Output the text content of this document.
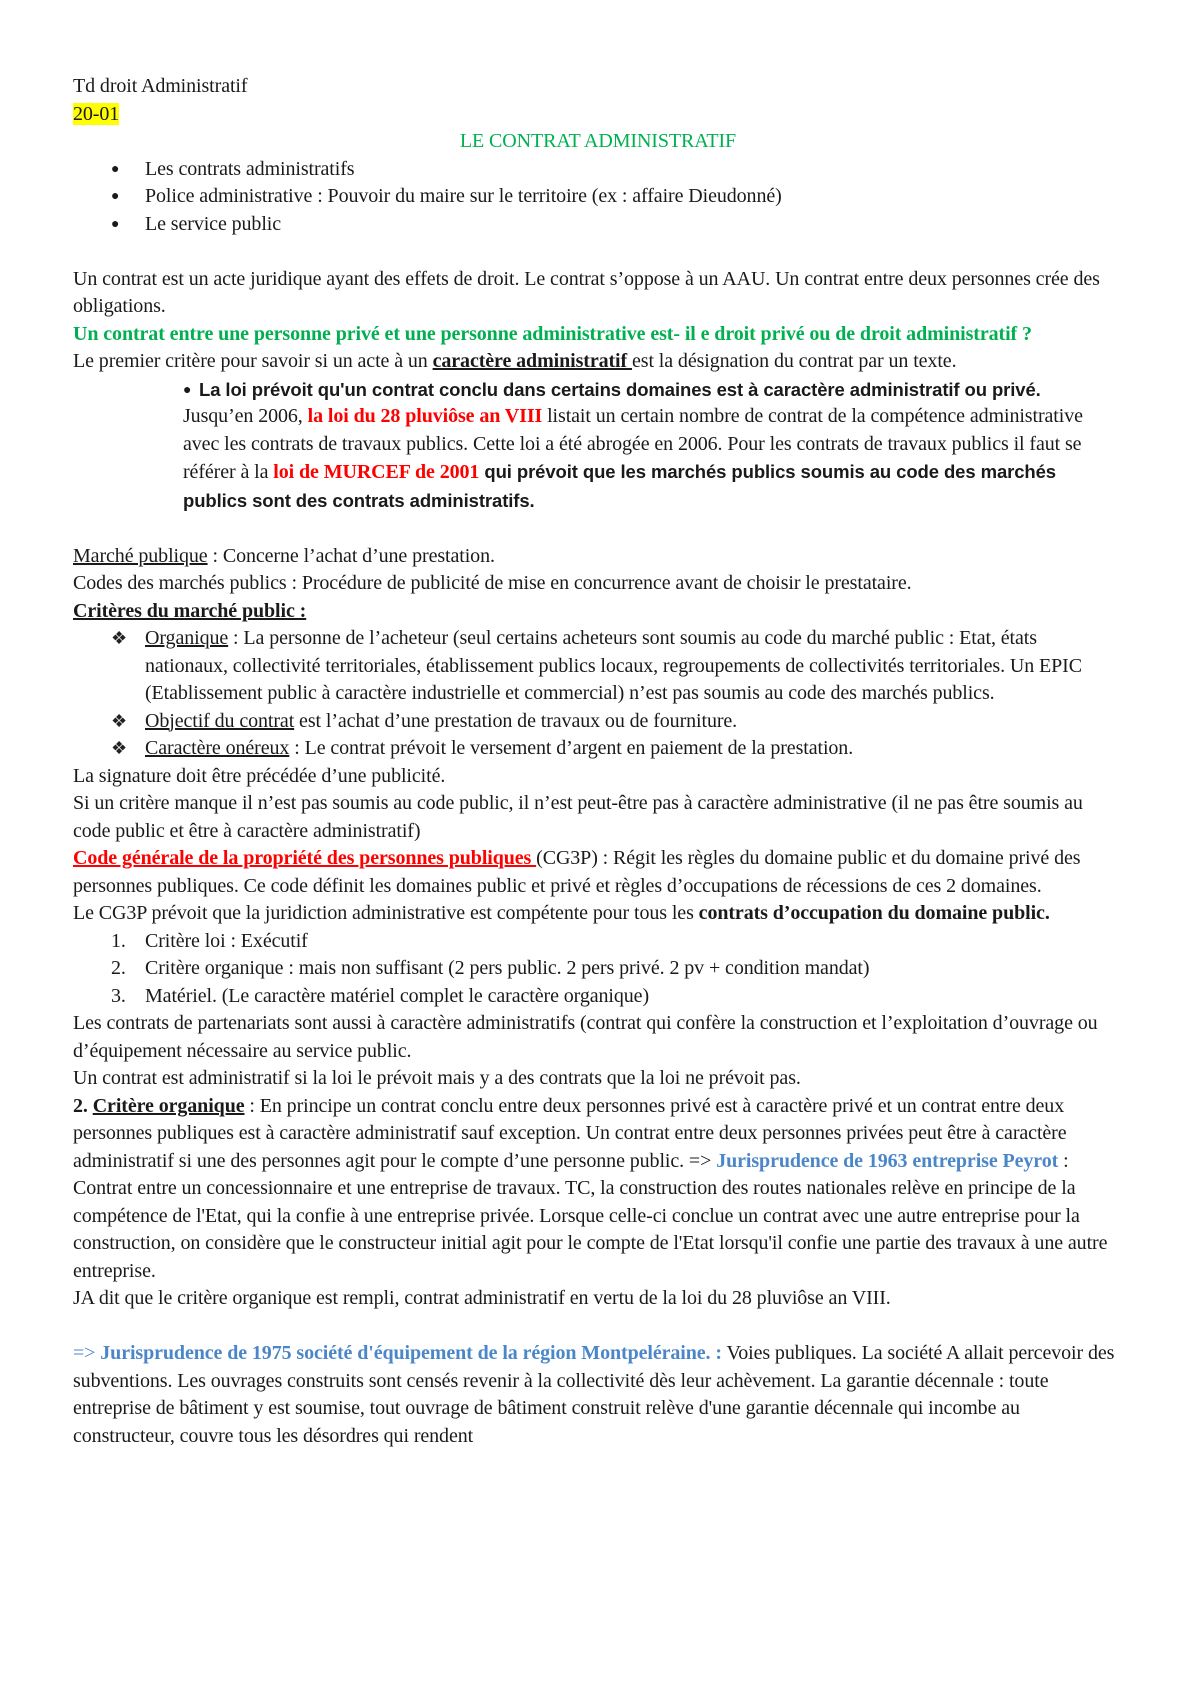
Td droit Administratif

20-01

LE CONTRAT ADMINISTRATIF

● Les contrats administratifs
● Police administrative : Pouvoir du maire sur le territoire (ex : affaire Dieudonné)
● Le service public

Un contrat est un acte juridique ayant des effets de droit. Le contrat s’oppose à un AAU. Un contrat entre deux personnes crée des obligations.

Un contrat entre une personne privé et une personne administrative est- il e droit privé ou de droit administratif ?

Le premier critère pour savoir si un acte à un caractère administratif est la désignation du contrat par un texte.

● La loi prévoit qu'un contrat conclu dans certains domaines est à caractère administratif ou privé.

Jusqu’en 2006, la loi du 28 pluviôse an VIII listait un certain nombre de contrat de la compétence administrative avec les contrats de travaux publics. Cette loi a été abrogée en 2006. Pour les contrats de travaux publics il faut se référer à la loi de MURCEF de 2001 qui prévoit que les marchés publics soumis au code des marchés publics sont des contrats administratifs.

Marché publique : Concerne l’achat d’une prestation.

Codes des marchés publics : Procédure de publicité de mise en concurrence avant de choisir le prestataire.

Critères du marché public :

❖ Organique : La personne de l’acheteur (seul certains acheteurs sont soumis au code du marché public : Etat, états nationaux, collectivité territoriales, établissement publics locaux, regroupements de collectivités territoriales. Un EPIC (Etablissement public à caractère industrielle et commercial) n’est pas soumis au code des marchés publics.
❖ Objectif du contrat est l’achat d’une prestation de travaux ou de fourniture.
❖ Caractère onéreux : Le contrat prévoit le versement d’argent en paiement de la prestation.

La signature doit être précédée d’une publicité.

Si un critère manque il n’est pas soumis au code public, il n’est peut-être pas à caractère administrative (il ne pas être soumis au code public et être à caractère administratif)

Code générale de la propriété des personnes publiques (CG3P) : Régit les règles du domaine public et du domaine privé des personnes publiques. Ce code définit les domaines public et privé et règles d’occupations de récessions de ces 2 domaines.

Le CG3P prévoit que la juridiction administrative est compétente pour tous les contrats d’occupation du domaine public.

1. Critère loi : Exécutif
2. Critère organique : mais non suffisant (2 pers public. 2 pers privé. 2 pv + condition mandat)
3. Matériel. (Le caractère matériel complet le caractère organique)

Les contrats de partenariats sont aussi à caractère administratifs (contrat qui confère la construction et l’exploitation d’ouvrage ou d’équipement nécessaire au service public.

Un contrat est administratif si la loi le prévoit mais y a des contrats que la loi ne prévoit pas.

2. Critère organique : En principe un contrat conclu entre deux personnes privé est à caractère privé et un contrat entre deux personnes publiques est à caractère administratif sauf exception. Un contrat entre deux personnes privées peut être à caractère administratif si une des personnes agit pour le compte d’une personne public. => Jurisprudence de 1963 entreprise Peyrot : Contrat entre un concessionnaire et une entreprise de travaux. TC, la construction des routes nationales relève en principe de la compétence de l'Etat, qui la confie à une entreprise privée. Lorsque celle-ci conclue un contrat avec une autre entreprise pour la construction, on considère que le constructeur initial agit pour le compte de l'Etat lorsqu'il confie une partie des travaux à une autre entreprise.

JA dit que le critère organique est rempli, contrat administratif en vertu de la loi du 28 pluviôse an VIII.

=> Jurisprudence de 1975 société d'équipement de la région Montpeléraine. : Voies publiques. La société A allait percevoir des subventions. Les ouvrages construits sont censés revenir à la collectivité dès leur achèvement. La garantie décennale : toute entreprise de bâtiment y est soumise, tout ouvrage de bâtiment construit relève d'une garantie décennale qui incombe au constructeur, couvre tous les désordres qui rendent
